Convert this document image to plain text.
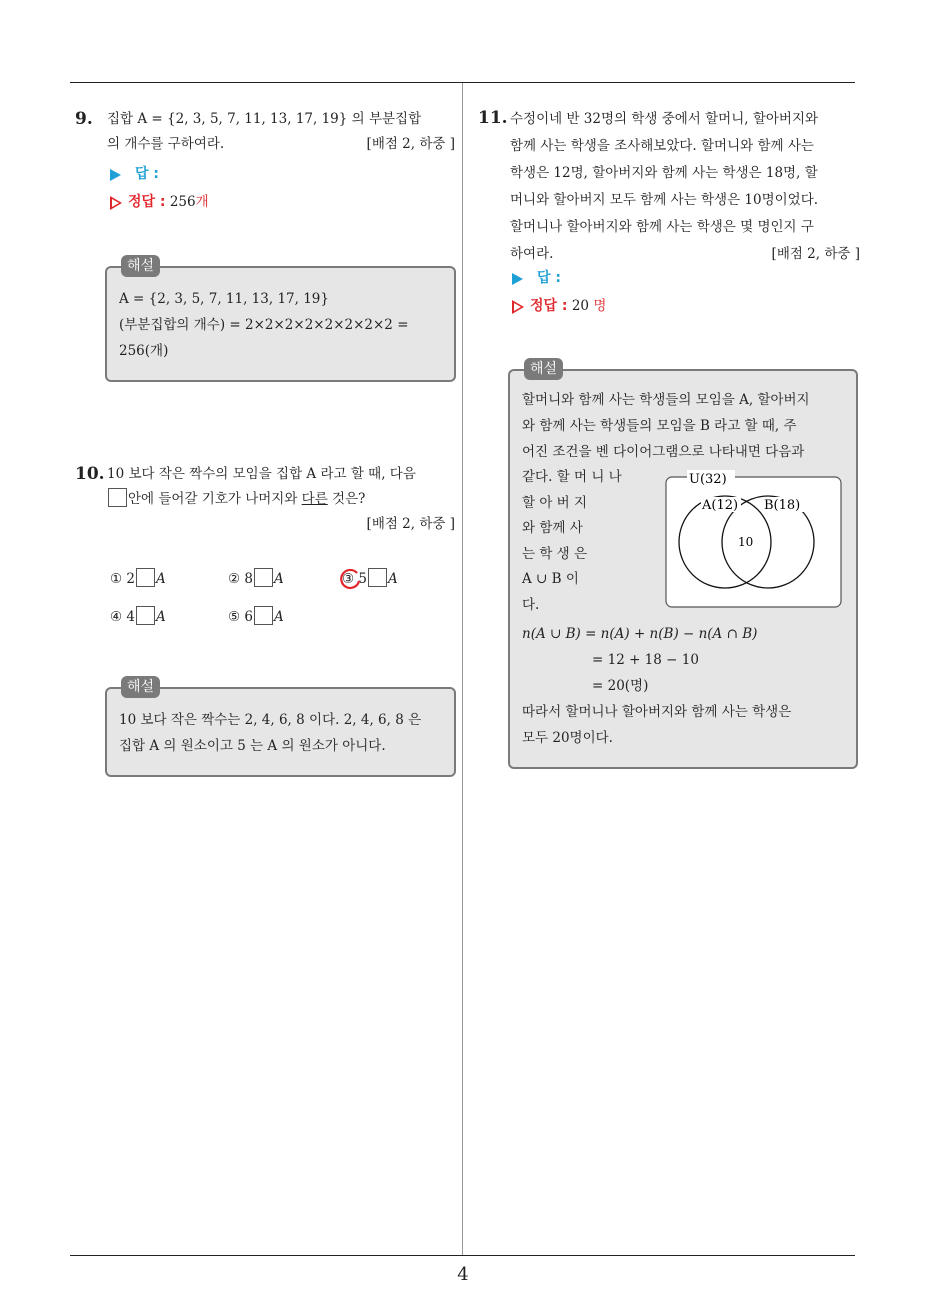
9. 집합 A = {2, 3, 5, 7, 11, 13, 17, 19} 의 부분집합
의 개수를 구하여라.	[배점 2, 하중 ]
답 :
정답 : 256개
해설
A = {2, 3, 5, 7, 11, 13, 17, 19}
(부분집합의 개수) = 2×2×2×2×2×2×2×2 =
256(개)
10. 10 보다 작은 짝수의 모임을 집합 A 라고 할 때, 다음
안에 들어갈 기호가 나머지와 다른 것은?
[배점 2, 하중 ]
① 2 A	② 8 A	③ 5 A
④ 4 A	⑤ 6 A
해설
10 보다 작은 짝수는 2, 4, 6, 8 이다. 2, 4, 6, 8 은
집합 A 의 원소이고 5 는 A 의 원소가 아니다.
11. 수정이네 반 32명의 학생 중에서 할머니, 할아버지와
함께 사는 학생을 조사해보았다. 할머니와 함께 사는
학생은 12명, 할아버지와 함께 사는 학생은 18명, 할
머니와 할아버지 모두 함께 사는 학생은 10명이었다.
할머니나 할아버지와 함께 사는 학생은 몇 명인지 구
하여라.	[배점 2, 하중 ]
답 :
정답 : 20 명
해설
할머니와 함께 사는 학생들의 모임을 A, 할아버지
와 함께 사는 학생들의 모임을 B 라고 할 때, 주
어진 조건을 벤 다이어그램으로 나타내면 다음과
같다. 할 머 니 나
할 아 버 지
와 함께 사
는 학 생 은
A ∪ B 이
다.
U(32)
A(12) B(18)
10
n(A ∪ B) = n(A) + n(B) − n(A ∩ B)
= 12 + 18 − 10
= 20(명)
따라서 할머니나 할아버지와 함께 사는 학생은
모두 20명이다.
4
